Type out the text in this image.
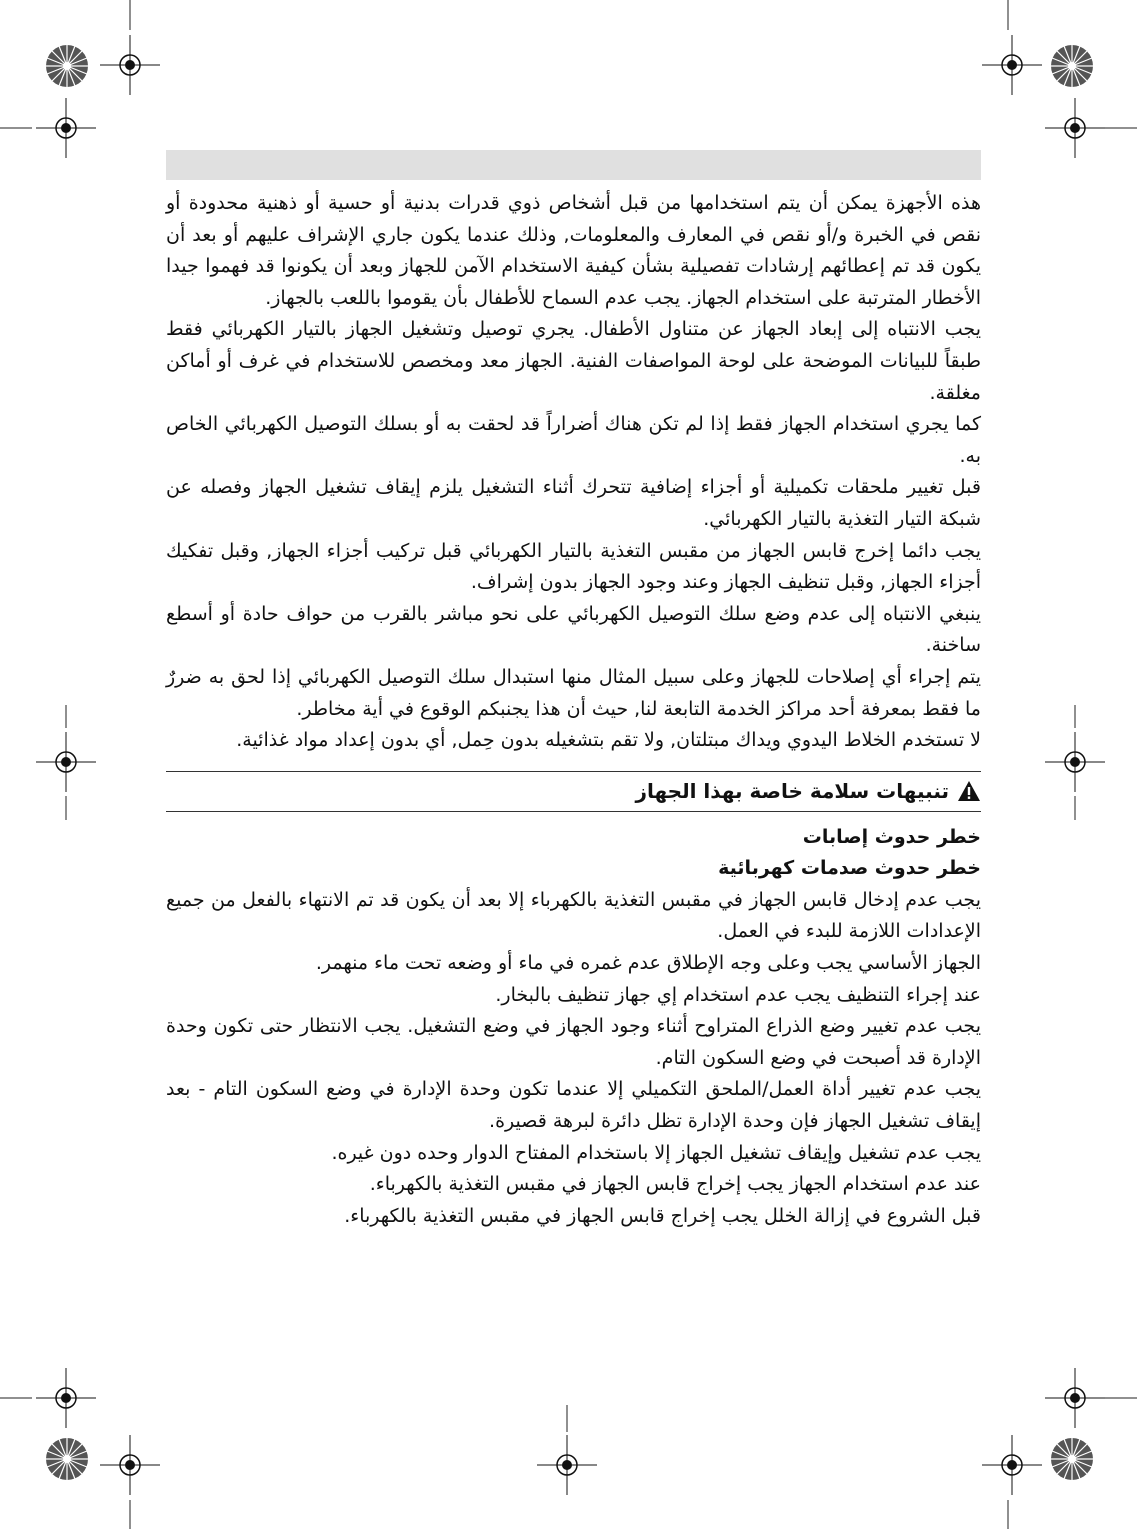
هذه الأجهزة يمكن أن يتم استخدامها من قبل أشخاص ذوي قدرات بدنية أو حسية أو ذهنية محدودة أو نقص في الخبرة و/أو نقص في المعارف والمعلومات, وذلك عندما يكون جاري الإشراف عليهم أو بعد أن يكون قد تم إعطائهم إرشادات تفصيلية بشأن كيفية الاستخدام الآمن للجهاز وبعد أن يكونوا قد فهموا جيدا الأخطار المترتبة على استخدام الجهاز. يجب عدم السماح للأطفال بأن يقوموا باللعب بالجهاز.

يجب الانتباه إلى إبعاد الجهاز عن متناول الأطفال. يجري توصيل وتشغيل الجهاز بالتيار الكهربائي فقط طبقاً للبيانات الموضحة على لوحة المواصفات الفنية. الجهاز معد ومخصص للاستخدام في غرف أو أماكن مغلقة.

كما يجري استخدام الجهاز فقط إذا لم تكن هناك أضراراً قد لحقت به أو بسلك التوصيل الكهربائي الخاص به.

قبل تغيير ملحقات تكميلية أو أجزاء إضافية تتحرك أثناء التشغيل يلزم إيقاف تشغيل الجهاز وفصله عن شبكة التيار التغذية بالتيار الكهربائي.

يجب دائما إخرج قابس الجهاز من مقبس التغذية بالتيار الكهربائي قبل تركيب أجزاء الجهاز, وقبل تفكيك أجزاء الجهاز, وقبل تنظيف الجهاز وعند وجود الجهاز بدون إشراف.

ينبغي الانتباه إلى عدم وضع سلك التوصيل الكهربائي على نحو مباشر بالقرب من حواف حادة أو أسطع ساخنة.

يتم إجراء أي إصلاحات للجهاز وعلى سبيل المثال منها استبدال سلك التوصيل الكهربائي إذا لحق به ضررٌ ما فقط بمعرفة أحد مراكز الخدمة التابعة لنا, حيث أن هذا يجنبكم الوقوع في أية مخاطر.

لا تستخدم الخلاط اليدوي ويداك مبتلتان, ولا تقم بتشغيله بدون حِمل, أي بدون إعداد مواد غذائية.

تنبيهات سلامة خاصة بهذا الجهاز

خطر حدوث إصابات

خطر حدوث صدمات كهربائية

يجب عدم إدخال قابس الجهاز في مقبس التغذية بالكهرباء إلا بعد أن يكون قد تم الانتهاء بالفعل من جميع الإعدادات اللازمة للبدء في العمل.

الجهاز الأساسي يجب وعلى وجه الإطلاق عدم غمره في ماء أو وضعه تحت ماء منهمر.

عند إجراء التنظيف يجب عدم استخدام إي جهاز تنظيف بالبخار.

يجب عدم تغيير وضع الذراع المتراوح أثناء وجود الجهاز في وضع التشغيل. يجب الانتظار حتى تكون وحدة الإدارة قد أصبحت في وضع السكون التام.

يجب عدم تغيير أداة العمل/الملحق التكميلي إلا عندما تكون وحدة الإدارة في وضع السكون التام - بعد إيقاف تشغيل الجهاز فإن وحدة الإدارة تظل دائرة لبرهة قصيرة.

يجب عدم تشغيل وإيقاف تشغيل الجهاز إلا باستخدام المفتاح الدوار وحده دون غيره.

عند عدم استخدام الجهاز يجب إخراج قابس الجهاز في مقبس التغذية بالكهرباء.

قبل الشروع في إزالة الخلل يجب إخراج قابس الجهاز في مقبس التغذية بالكهرباء.
